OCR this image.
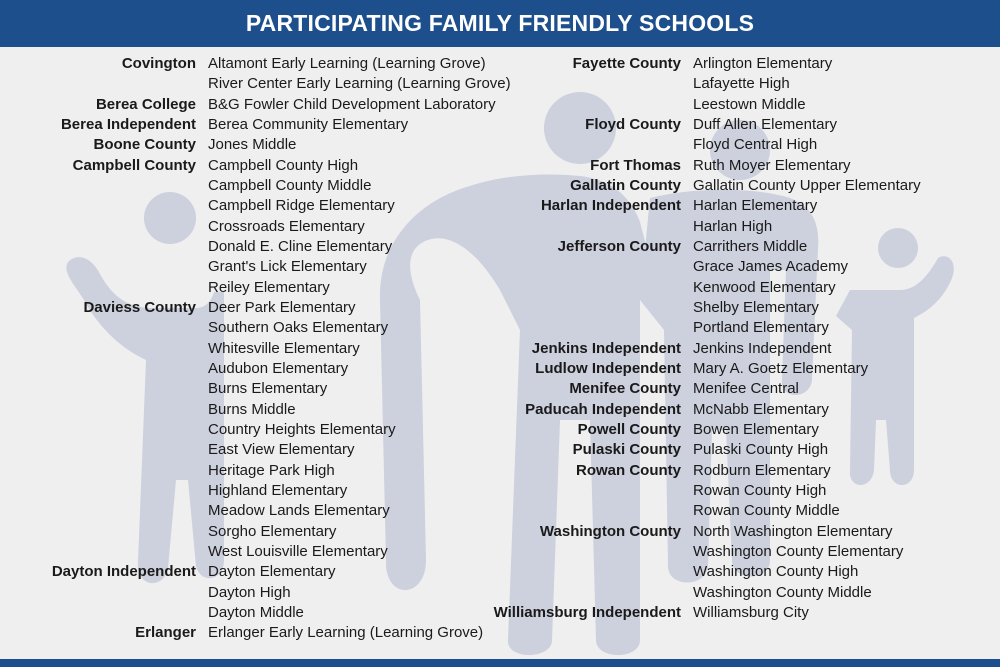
PARTICIPATING FAMILY FRIENDLY SCHOOLS
Covington Altamont Early Learning (Learning Grove)
River Center Early Learning (Learning Grove)
Berea College B&G Fowler Child Development Laboratory
Berea Independent Berea Community Elementary
Boone County Jones Middle
Campbell County Campbell County High
Campbell County Middle
Campbell Ridge Elementary
Crossroads Elementary
Donald E. Cline Elementary
Grant's Lick Elementary
Reiley Elementary
Daviess County Deer Park Elementary
Southern Oaks Elementary
Whitesville Elementary
Audubon Elementary
Burns Elementary
Burns Middle
Country Heights Elementary
East View Elementary
Heritage Park High
Highland Elementary
Meadow Lands Elementary
Sorgho Elementary
West Louisville Elementary
Dayton Independent Dayton Elementary
Dayton High
Dayton Middle
Erlanger Erlanger Early Learning (Learning Grove)
Fayette County Arlington Elementary
Lafayette High
Leestown Middle
Floyd County Duff Allen Elementary
Floyd Central High
Fort Thomas Ruth Moyer Elementary
Gallatin County Gallatin County Upper Elementary
Harlan Independent Harlan Elementary
Harlan High
Jefferson County Carrithers Middle
Grace James Academy
Kenwood Elementary
Shelby Elementary
Portland Elementary
Jenkins Independent Jenkins Independent
Ludlow Independent Mary A. Goetz Elementary
Menifee County Menifee Central
Paducah Independent McNabb Elementary
Powell County Bowen Elementary
Pulaski County Pulaski County High
Rowan County Rodburn Elementary
Rowan County High
Rowan County Middle
Washington County North Washington Elementary
Washington County Elementary
Washington County High
Washington County Middle
Williamsburg Independent Williamsburg City
